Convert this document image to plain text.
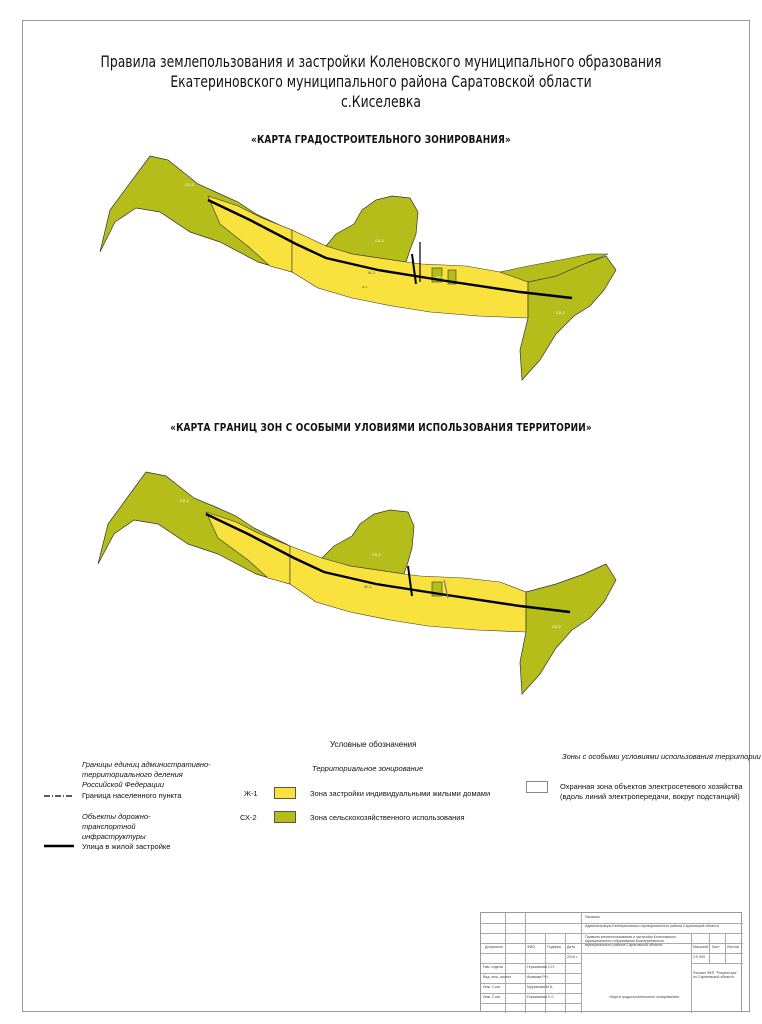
Правила землепользования и застройки Коленовского муниципального образования
Екатериновского муниципального района Саратовской области
с.Киселевка
«КАРТА ГРАДОСТРОИТЕЛЬНОГО ЗОНИРОВАНИЯ»
«КАРТА ГРАНИЦ ЗОН С ОСОБЫМИ УЛОВИЯМИ ИСПОЛЬЗОВАНИЯ ТЕРРИТОРИИ»
СХ-2
СХ-2
СХ-2
Ж-1
СХ-2
Ж-1
СХ-2
СХ-2
Ж-1
СХ-2
Условные обозначения
Границы единиц административно-территориального деления Российской Федерации
Граница населенного пункта
Объекты дорожно-транспортной инфраструктуры
Улица в жилой застройке
Территориальное зонирование
Ж-1	Зона застройки индивидуальными жилыми домами
СХ-2	Зона сельскохозяйственного использования
Зоны с особыми условиями использования территории
Охранная зона объектов электросетевого хозяйства
(вдоль линий электропередачи, вокруг подстанций)
Заказчик
Администрация Екатериновского муниципального района Саратовской области
Правила землепользования и застройки Коленовского муниципального образования Екатериновского муниципального района Саратовской области
Должность	ФИО	Подпись Дата
2016 г.
Нач. отдела	Герасимова С.Н.
Вед. инж.-проект.	Акимова Р.Н.
Инж. 1 кат.	Мурзакова М.А.
Инж. 2 кат.	Герасимова С.С.
Масштаб Лист Листов
1:5 000
«Карта градостроительного зонирования»
Филиал ФКП "Росреестра" по Саратовской области
